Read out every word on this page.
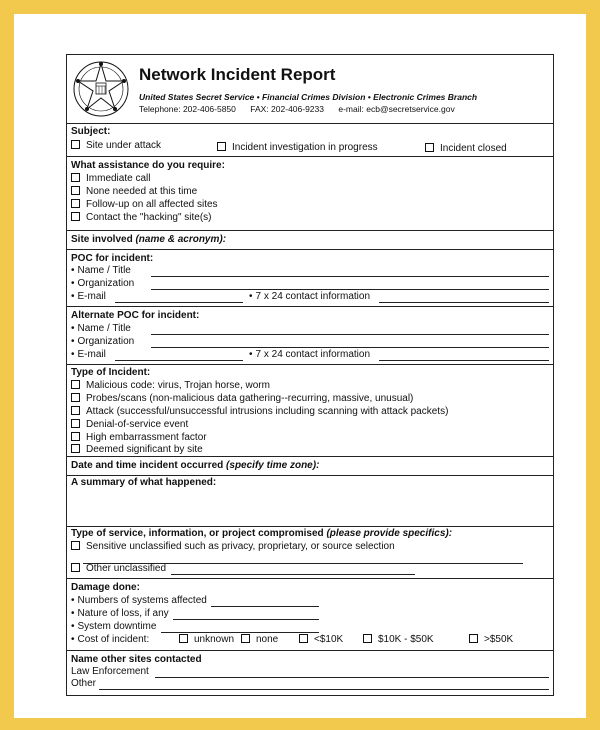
Network Incident Report
United States Secret Service • Financial Crimes Division • Electronic Crimes Branch
Telephone: 202-406-5850 FAX: 202-406-9233 e-mail: ecb@secretservice.gov
Subject:
Site under attack	Incident investigation in progress	Incident closed
What assistance do you require:
Immediate call
None needed at this time
Follow-up on all affected sites
Contact the "hacking" site(s)
Site involved (name & acronym):
POC for incident:
• Name / Title
• Organization
• E-mail	• 7 x 24 contact information
Alternate POC for incident:
• Name / Title
• Organization
• E-mail	• 7 x 24 contact information
Type of Incident:
Malicious code: virus, Trojan horse, worm
Probes/scans (non-malicious data gathering--recurring, massive, unusual)
Attack (successful/unsuccessful intrusions including scanning with attack packets)
Denial-of-service event
High embarrassment factor
Deemed significant by site
Date and time incident occurred (specify time zone):
A summary of what happened:
Type of service, information, or project compromised (please provide specifics):
Sensitive unclassified such as privacy, proprietary, or source selection
Other unclassified
Damage done:
• Numbers of systems affected
• Nature of loss, if any
• System downtime
• Cost of incident:	unknown	none	<$10K	$10K - $50K	>$50K
Name other sites contacted
Law Enforcement
Other
